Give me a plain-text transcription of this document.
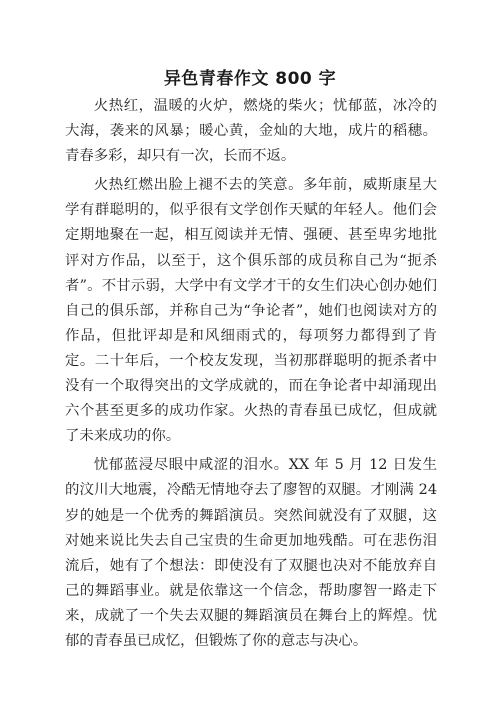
异色青春作文 800 字

火热红，温暖的火炉，燃烧的柴火；忧郁蓝，冰冷的大海，袭来的风暴；暖心黄，金灿的大地，成片的稻穗。青春多彩，却只有一次，长而不返。

火热红燃出脸上褪不去的笑意。多年前，威斯康星大学有群聪明的，似乎很有文学创作天赋的年轻人。他们会定期地聚在一起，相互阅读并无情、强硬、甚至卑劣地批评对方作品，以至于，这个俱乐部的成员称自己为“扼杀者”。不甘示弱，大学中有文学才干的女生们决心创办她们自己的俱乐部，并称自己为“争论者”，她们也阅读对方的作品，但批评却是和风细雨式的，每项努力都得到了肯定。二十年后，一个校友发现，当初那群聪明的扼杀者中没有一个取得突出的文学成就的，而在争论者中却涌现出六个甚至更多的成功作家。火热的青春虽已成忆，但成就了未来成功的你。

忧郁蓝浸尽眼中咸涩的泪水。XX 年 5 月 12 日发生的汶川大地震，冷酷无情地夺去了廖智的双腿。才刚满 24 岁的她是一个优秀的舞蹈演员。突然间就没有了双腿，这对她来说比失去自己宝贵的生命更加地残酷。可在悲伤泪流后，她有了个想法：即使没有了双腿也决对不能放弃自己的舞蹈事业。就是依靠这一个信念，帮助廖智一路走下来，成就了一个失去双腿的舞蹈演员在舞台上的辉煌。忧郁的青春虽已成忆，但锻炼了你的意志与决心。
